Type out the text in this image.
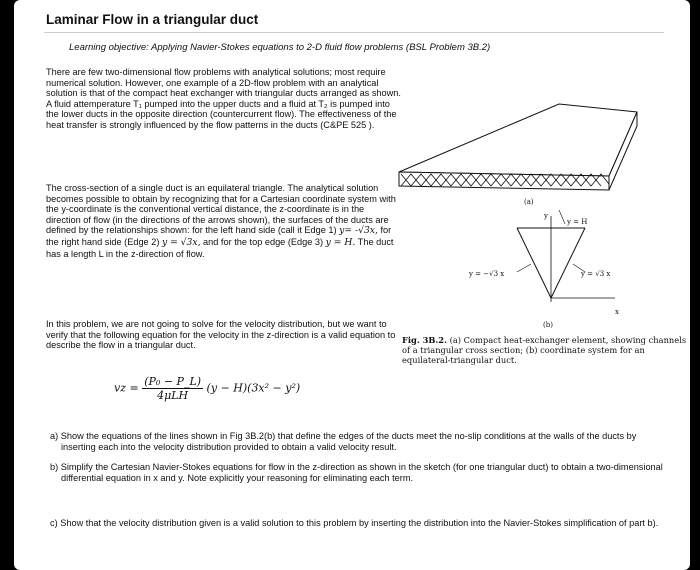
Laminar Flow in a triangular duct
Learning objective: Applying Navier-Stokes equations to 2-D fluid flow problems (BSL Problem 3B.2)
There are few two-dimensional flow problems with analytical solutions; most require numerical solution. However, one example of a 2D-flow problem with an analytical solution is that of the compact heat exchanger with triangular ducts arranged as shown. A fluid attemperature T₁ pumped into the upper ducts and a fluid at T₂ is pumped into the lower ducts in the opposite direction (countercurrent flow). The effectiveness of the heat transfer is strongly influenced by the flow patterns in the ducts (C&PE 525 ).
The cross-section of a single duct is an equilateral triangle. The analytical solution becomes possible to obtain by recognizing that for a Cartesian coordinate system with the y-coordinate is the conventional vertical distance, the z-coordinate is in the direction of flow (in the directions of the arrows shown), the surfaces of the ducts are defined by the relationships shown: for the left hand side (call it Edge 1) y= -√3x, for the right hand side (Edge 2) y = √3x, and for the top edge (Edge 3) y = H. The duct has a length L in the z-direction of flow.
In this problem, we are not going to solve for the velocity distribution, but we want to verify that the following equation for the velocity in the z-direction is a valid equation to describe the flow in a triangular duct.
vz = $\frac{\text{(P₀ − P\_L)}}{\text{4μLH}} (y - H)(3x^2 - y^2)$
(a)
y
x
y = H
y = −√3 x	y = √3 x
(b)
Fig. 3B.2. (a) Compact heat-exchanger element, showing channels of a triangular cross section; (b) coordinate system for an equilateral-triangular duct.
a) Show the equations of the lines shown in Fig 3B.2(b) that define the edges of the ducts meet the no-slip conditions at the walls of the ducts by inserting each into the velocity distribution provided to obtain a valid velocity result.
b) Simplify the Cartesian Navier-Stokes equations for flow in the z-direction as shown in the sketch (for one triangular duct) to obtain a two-dimensional differential equation in x and y. Note explicitly your reasoning for eliminating each term.
c) Show that the velocity distribution given is a valid solution to this problem by inserting the distribution into the Navier-Stokes simplification of part b).
